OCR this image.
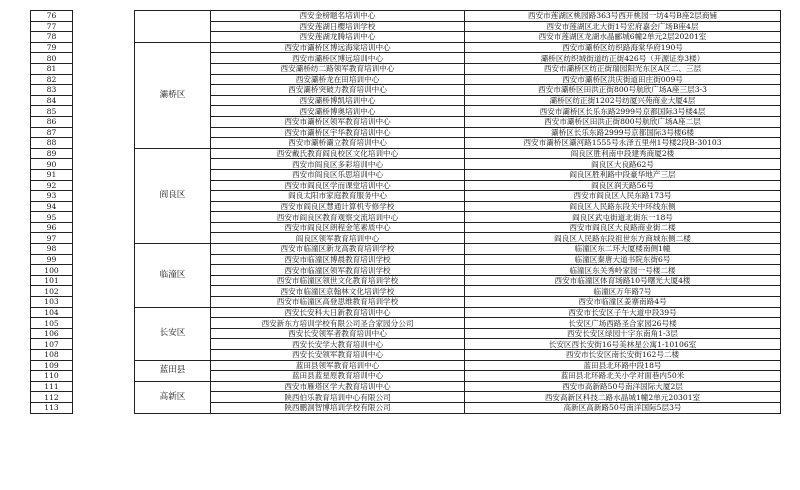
76			西安金榜题名培训中心	西安市莲湖区桃园路363号西开桃园一坊4号B座2层商铺
77			西安莲湖日樱培训学校	西安市莲湖区北大街1号宏府嘉会广场B座4层
78			西安莲湖龙腾培训中心	西安市莲湖区龙湖水晶郦城6幢2单元2层20201室
79		灞桥区	西安市灞桥区博远海棠培训中心	西安市灞桥区纺织路海棠华府190号
80			西安市灞桥区博远培训中心	灞桥区纺织城街道纺正街426号（开源证券3楼）
81			西安灞桥纺二路领军教育培训中心	西安市灞桥区纺正街瑞园阳光东区A区二、三层
82			西安灞桥龙在田培训中心	西安市灞桥区洪庆街道田庄街009号
83			西安灞桥突破力教育培训中心	西安市灞桥区田洪正街800号航欣广场A座三层3-3
84			西安灞桥博凯培训中心	灞桥区纺正街1202号纺厦兴苑商业大厦4层
85			西安灞桥博奥培训中心	西安市灞桥区长乐东路2999号京都国际3号楼4层
86			西安市灞桥区领军教育培训中心	西安市灞桥区田洪正街800号航欣广场A座二层
87			西安市灞桥区宇华教育培训中心	灞桥区长乐东路2999号京都国际3号楼6楼
88			西安市灞桥灞立教育培训中心	西安市灞桥区灞河路1555号永泽五里州1号楼2段B-30103
89		阎良区	西安戴氏教育阎良校区文化培训中心	阎良区胜利南中段建秀商厦2楼
90			西安市阎良区多彩培训中心	阎良区大良路62号
91			西安市阎良区乐思培训中心	阎良区胜利路中段豪华地产三层
92			西安市阎良区学而课堂培训中心	阎良区润天路56号
93			阎良太阳市家庭教育服务中心	西安市阎良区人民东路173号
94			西安市阎良区慧通计算机专修学校	阎良区人民路东段关中环线东侧
95			西安市阎良区教育观察交流培训中心	阎良区武屯街道北街东一18号
96			西安市阎良区朗程金笔素质中心	西安市阎良区大良路商业街二楼
97			阎良区领军教育培训中心	阎良区人民路东段祖世东方商城东侧二楼
98		临潼区	西安市临潼区新龙高教育培训学校	临潼区东二环大厦楼南侧1幢
99			西安市临潼区博晨教育培训学校	临潼区秦唐大道书院东街6号
100			西安市临潼区领军教育培训学校	临潼区东关秀岭家园一号楼二楼
101			西安市临潼区领世文化教育培训学校	西安市临潼区体育场路10号曙光大厦4楼
102			西安市临潼区京翰林文化培训学校	临潼区万年路7号
103			西安市临潼区高登思维教育培训学校	西安市临潼区姜寨南路4号
104		长安区	西安长安科大日新教育培训中心	西安市长安区子午大道中段39号
105			西安新东方培训学校有限公司圣合家园分公司	长安区广场西路圣合家园26号楼
106			西安长安领军者教育培训中心	西安长安区绿园十字东南角1-3层
107			西安长安学大教育培训中心	长安区西长安街16号美林星公寓1-10106室
108			西安长安领军教育培训中心	西安市长安区南长安街162号二楼
109		蓝田县	蓝田县领军教育培训中心	蓝田县北环路中段18号
110			蓝田县蓝星原教育培训中心	蓝田县北环路北关小学对面巷内50米
111		高新区	西安市雁塔区学大教育培训中心	西安市高新路50号南洋国际大厦2层
112			陕西伯乐教育培训中心有限公司	西安高新区科技二路水晶城1幢2单元20301室
113			陕西鹏洞智博培训学校有限公司	高新区高新路50号南洋国际5层3号
